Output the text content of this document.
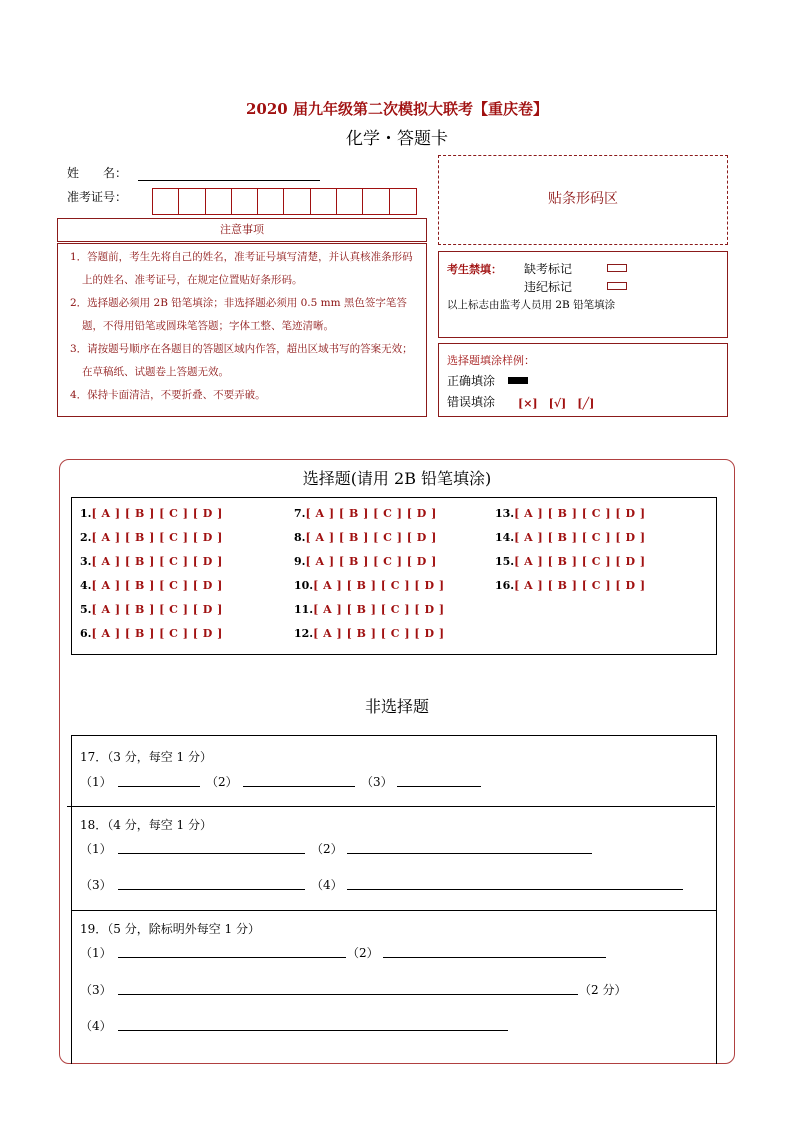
2020 届九年级第二次模拟大联考【重庆卷】
化学・答题卡
姓　　名：
准考证号：
注意事项

1．答题前，考生先将自己的姓名，准考证号填写清楚，并认真核准条形码上的姓名、准考证号，在规定位置贴好条形码。

2．选择题必须用 2B 铅笔填涂；非选择题必须用 0.5 mm 黑色签字笔答题，不得用铅笔或圆珠笔答题；字体工整、笔迹清晰。

3．请按题号顺序在各题目的答题区域内作答，超出区域书写的答案无效；在草稿纸、试题卷上答题无效。

4．保持卡面清洁，不要折叠、不要弄破。

贴条形码区
考生禁填： 缺考标记
违纪标记
以上标志由监考人员用 2B 铅笔填涂
选择题填涂样例：
正确填涂
错误填涂 [×]　[√]　[╱]
选择题(请用 2B 铅笔填涂)
1.[ A ] [ B ] [ C ] [ D ]
2.[ A ] [ B ] [ C ] [ D ]
3.[ A ] [ B ] [ C ] [ D ]
4.[ A ] [ B ] [ C ] [ D ]
5.[ A ] [ B ] [ C ] [ D ]
6.[ A ] [ B ] [ C ] [ D ]
7.[ A ] [ B ] [ C ] [ D ]
8.[ A ] [ B ] [ C ] [ D ]
9.[ A ] [ B ] [ C ] [ D ]
10.[ A ] [ B ] [ C ] [ D ]
11.[ A ] [ B ] [ C ] [ D ]
12.[ A ] [ B ] [ C ] [ D ]
13.[ A ] [ B ] [ C ] [ D ]
14.[ A ] [ B ] [ C ] [ D ]
15.[ A ] [ B ] [ C ] [ D ]
16.[ A ] [ B ] [ C ] [ D ]
非选择题
17．（3 分，每空 1 分）
（1）	（2）	（3）
18．（4 分，每空 1 分）
（1）	（2）
（3）	（4）
19．（5 分，除标明外每空 1 分）
（1）	（2）
（3）	（2 分）
（4）
